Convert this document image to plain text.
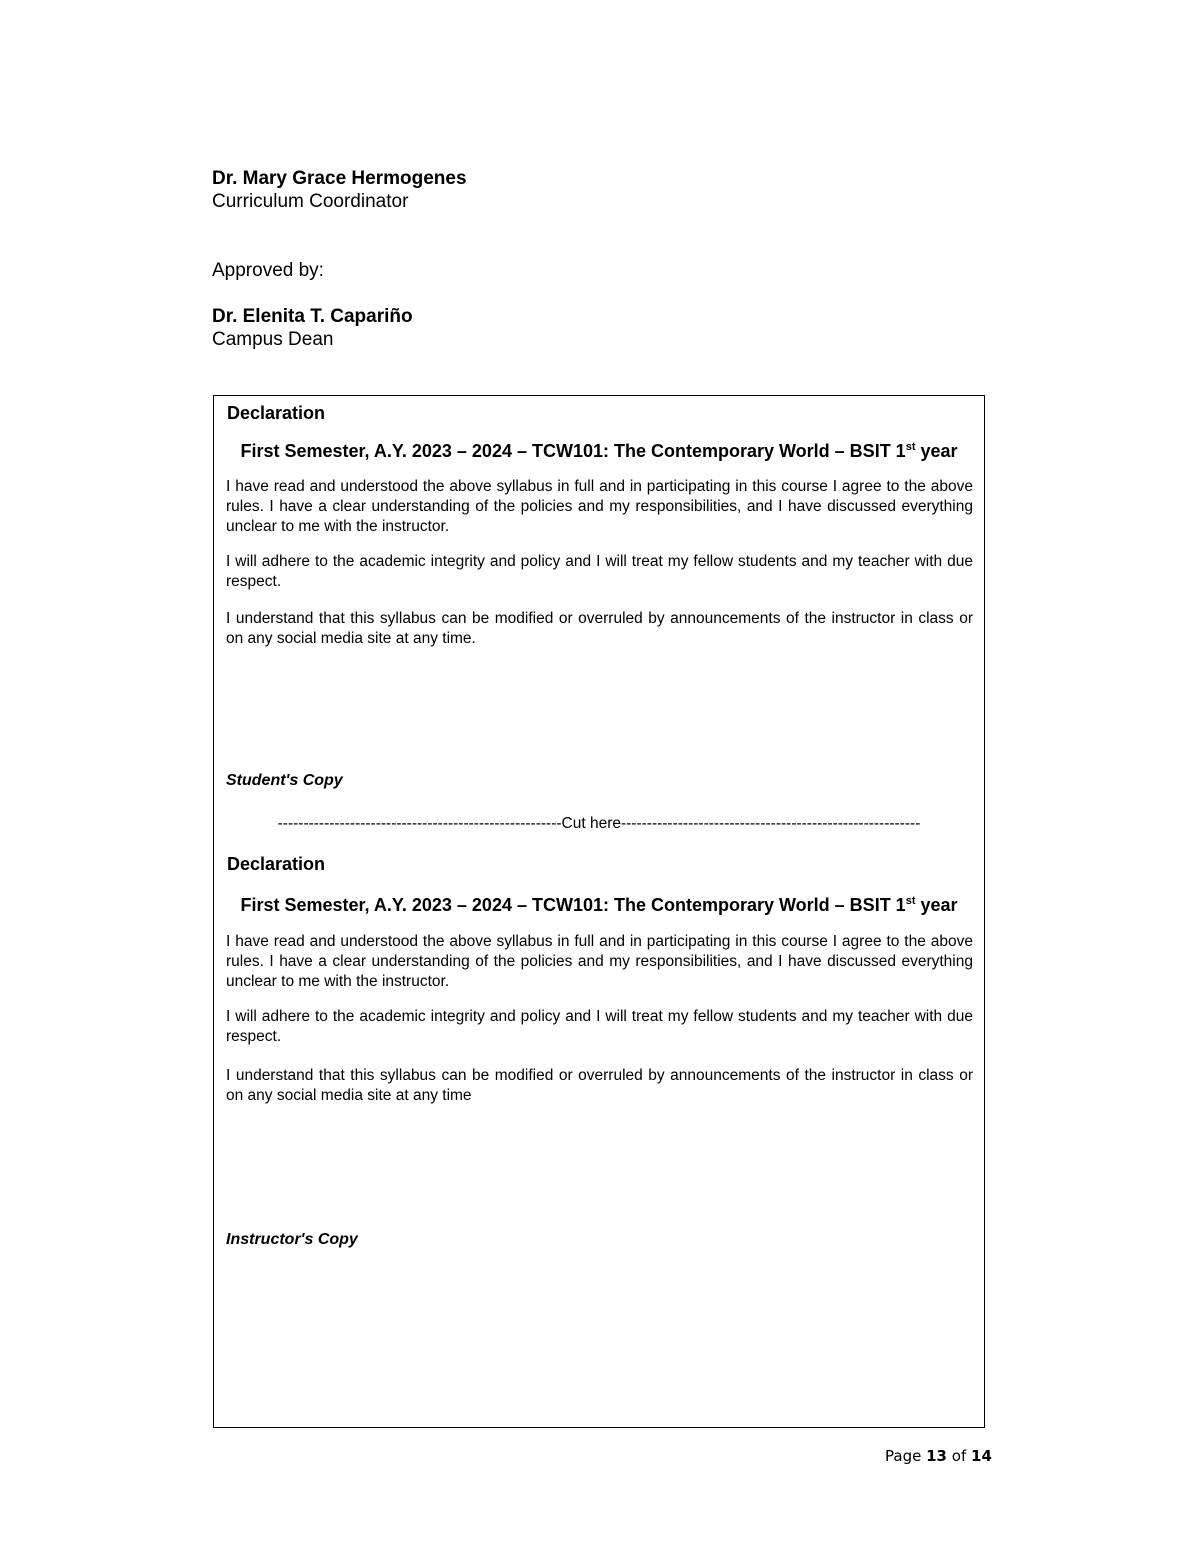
Dr. Mary Grace Hermogenes
Curriculum Coordinator
Approved by:
Dr. Elenita T. Capariño
Campus Dean
Declaration
First Semester, A.Y. 2023 – 2024 – TCW101: The Contemporary World – BSIT 1st year
I have read and understood the above syllabus in full and in participating in this course I agree to the above rules. I have a clear understanding of the policies and my responsibilities, and I have discussed everything unclear to me with the instructor.
I will adhere to the academic integrity and policy and I will treat my fellow students and my teacher with due respect.
I understand that this syllabus can be modified or overruled by announcements of the instructor in class or on any social media site at any time.
Student's Copy
-------------------------------------------------------Cut here----------------------------------------------------------
Declaration
First Semester, A.Y. 2023 – 2024 – TCW101: The Contemporary World – BSIT 1st year
I have read and understood the above syllabus in full and in participating in this course I agree to the above rules. I have a clear understanding of the policies and my responsibilities, and I have discussed everything unclear to me with the instructor.
I will adhere to the academic integrity and policy and I will treat my fellow students and my teacher with due respect.
I understand that this syllabus can be modified or overruled by announcements of the instructor in class or on any social media site at any time
Instructor's Copy
Page 13 of 14
